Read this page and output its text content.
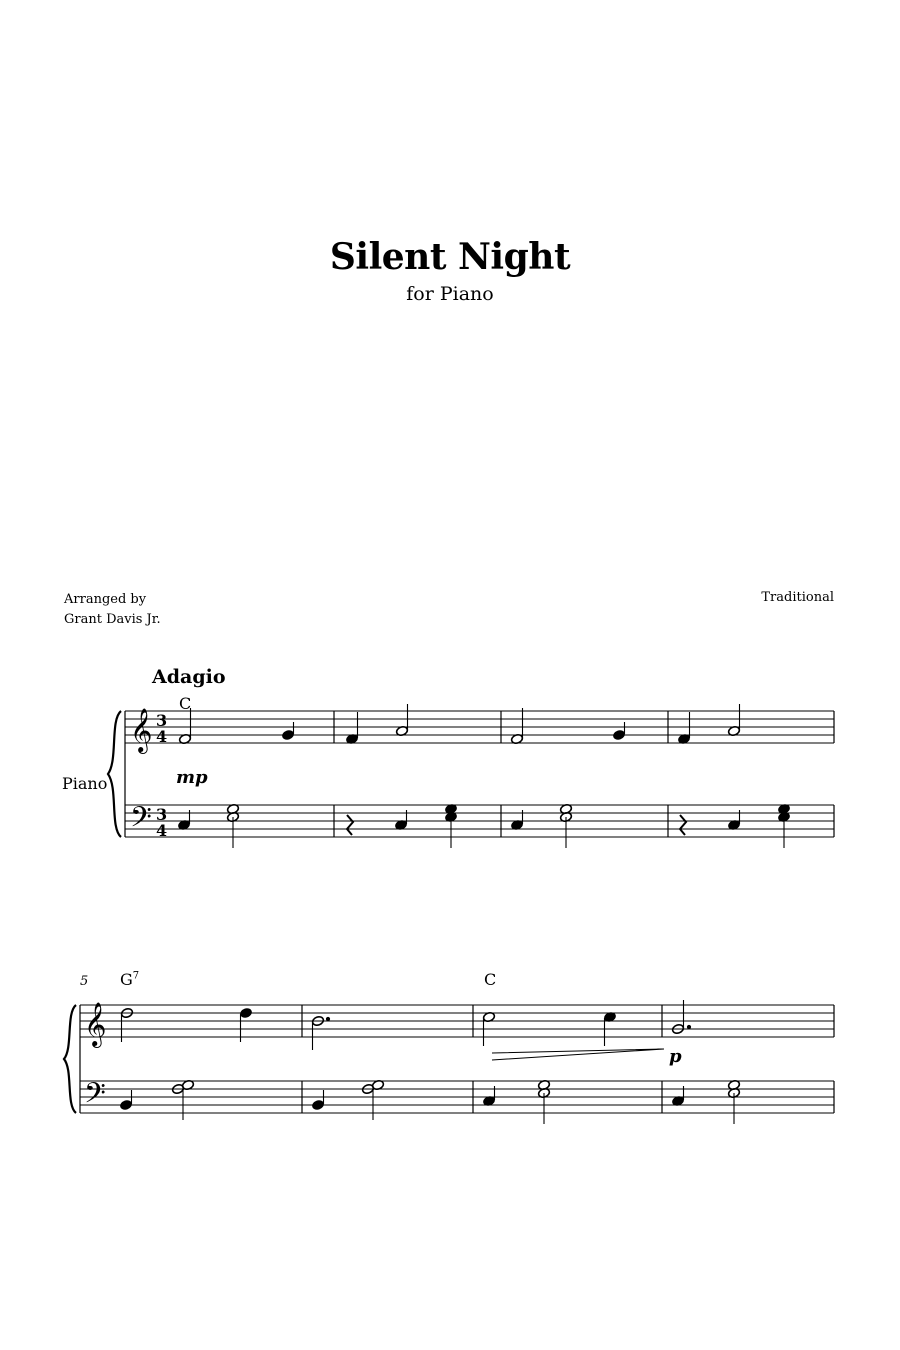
Silent Night
for Piano
Arranged by
Grant Davis Jr.
Traditional
Adagio
C
Piano
5 $G^7$	C
𝄞
𝄢
3
4
3
4
mp
𝄞
𝄢
p
